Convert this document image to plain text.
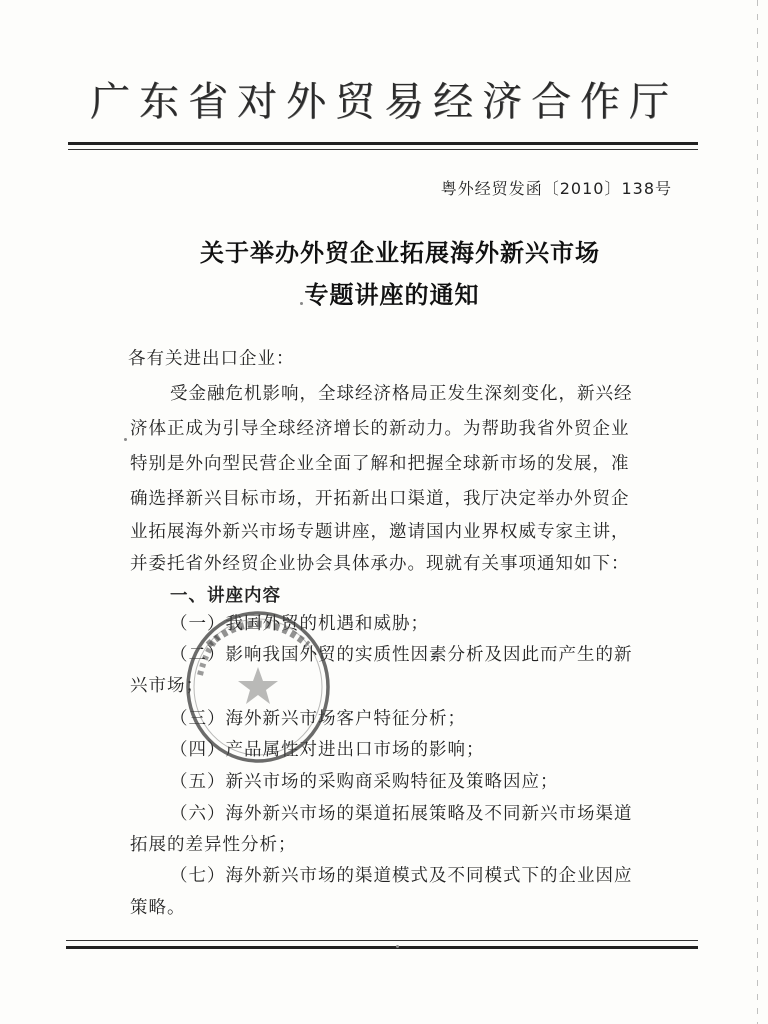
广东省对外贸易经济合作厅
粤外经贸发函〔2010〕138号
关于举办外贸企业拓展海外新兴市场
专题讲座的通知
各有关进出口企业：
受金融危机影响，全球经济格局正发生深刻变化，新兴经
济体正成为引导全球经济增长的新动力。为帮助我省外贸企业
特别是外向型民营企业全面了解和把握全球新市场的发展，准
确选择新兴目标市场，开拓新出口渠道，我厅决定举办外贸企
业拓展海外新兴市场专题讲座，邀请国内业界权威专家主讲，
并委托省外经贸企业协会具体承办。现就有关事项通知如下：
一、讲座内容
（一）我国外贸的机遇和威胁；
（二）影响我国外贸的实质性因素分析及因此而产生的新
兴市场；
（三）海外新兴市场客户特征分析；
（四）产品属性对进出口市场的影响；
（五）新兴市场的采购商采购特征及策略因应；
（六）海外新兴市场的渠道拓展策略及不同新兴市场渠道
拓展的差异性分析；
（七）海外新兴市场的渠道模式及不同模式下的企业因应
策略。
